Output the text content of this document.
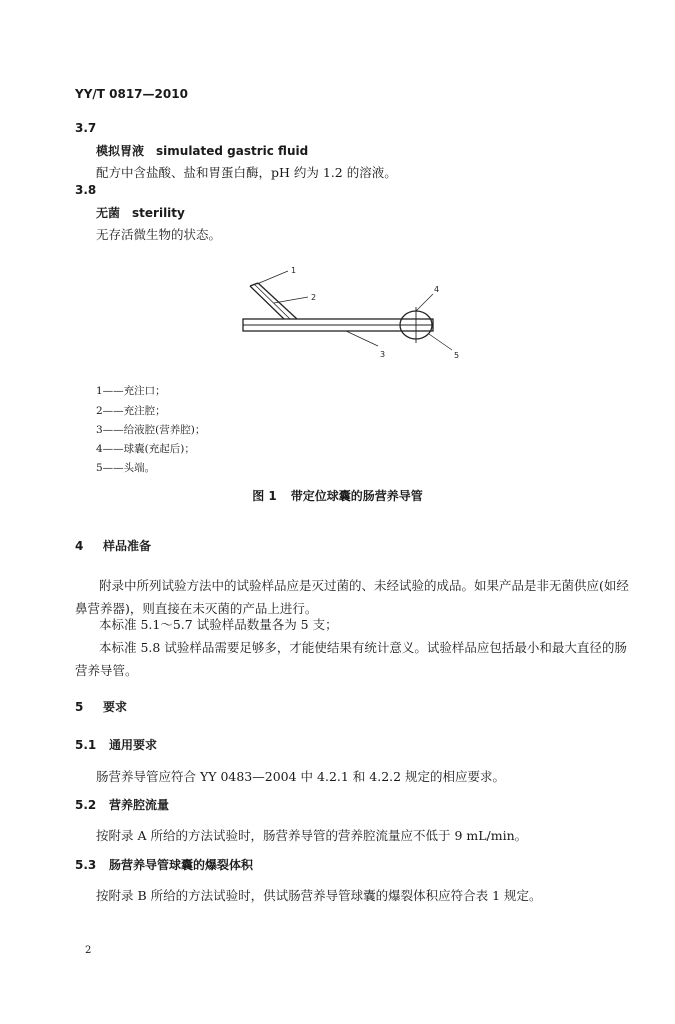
YY/T 0817—2010
3.7
模拟胃液 simulated gastric fluid
配方中含盐酸、盐和胃蛋白酶，pH 约为 1.2 的溶液。
3.8
无菌 sterility
无存活微生物的状态。
1
2
3
4
5
1——充注口；
2——充注腔；
3——给液腔(营养腔)；
4——球囊(充起后)；
5——头端。
图 1 带定位球囊的肠营养导管
4 样品准备
附录中所列试验方法中的试验样品应是灭过菌的、未经试验的成品。如果产品是非无菌供应(如经鼻营养器)，则直接在未灭菌的产品上进行。
本标准 5.1～5.7 试验样品数量各为 5 支；
本标准 5.8 试验样品需要足够多，才能使结果有统计意义。试验样品应包括最小和最大直径的肠营养导管。
5 要求
5.1 通用要求
肠营养导管应符合 YY 0483—2004 中 4.2.1 和 4.2.2 规定的相应要求。
5.2 营养腔流量
按附录 A 所给的方法试验时，肠营养导管的营养腔流量应不低于 9 mL/min。
5.3 肠营养导管球囊的爆裂体积
按附录 B 所给的方法试验时，供试肠营养导管球囊的爆裂体积应符合表 1 规定。
2
